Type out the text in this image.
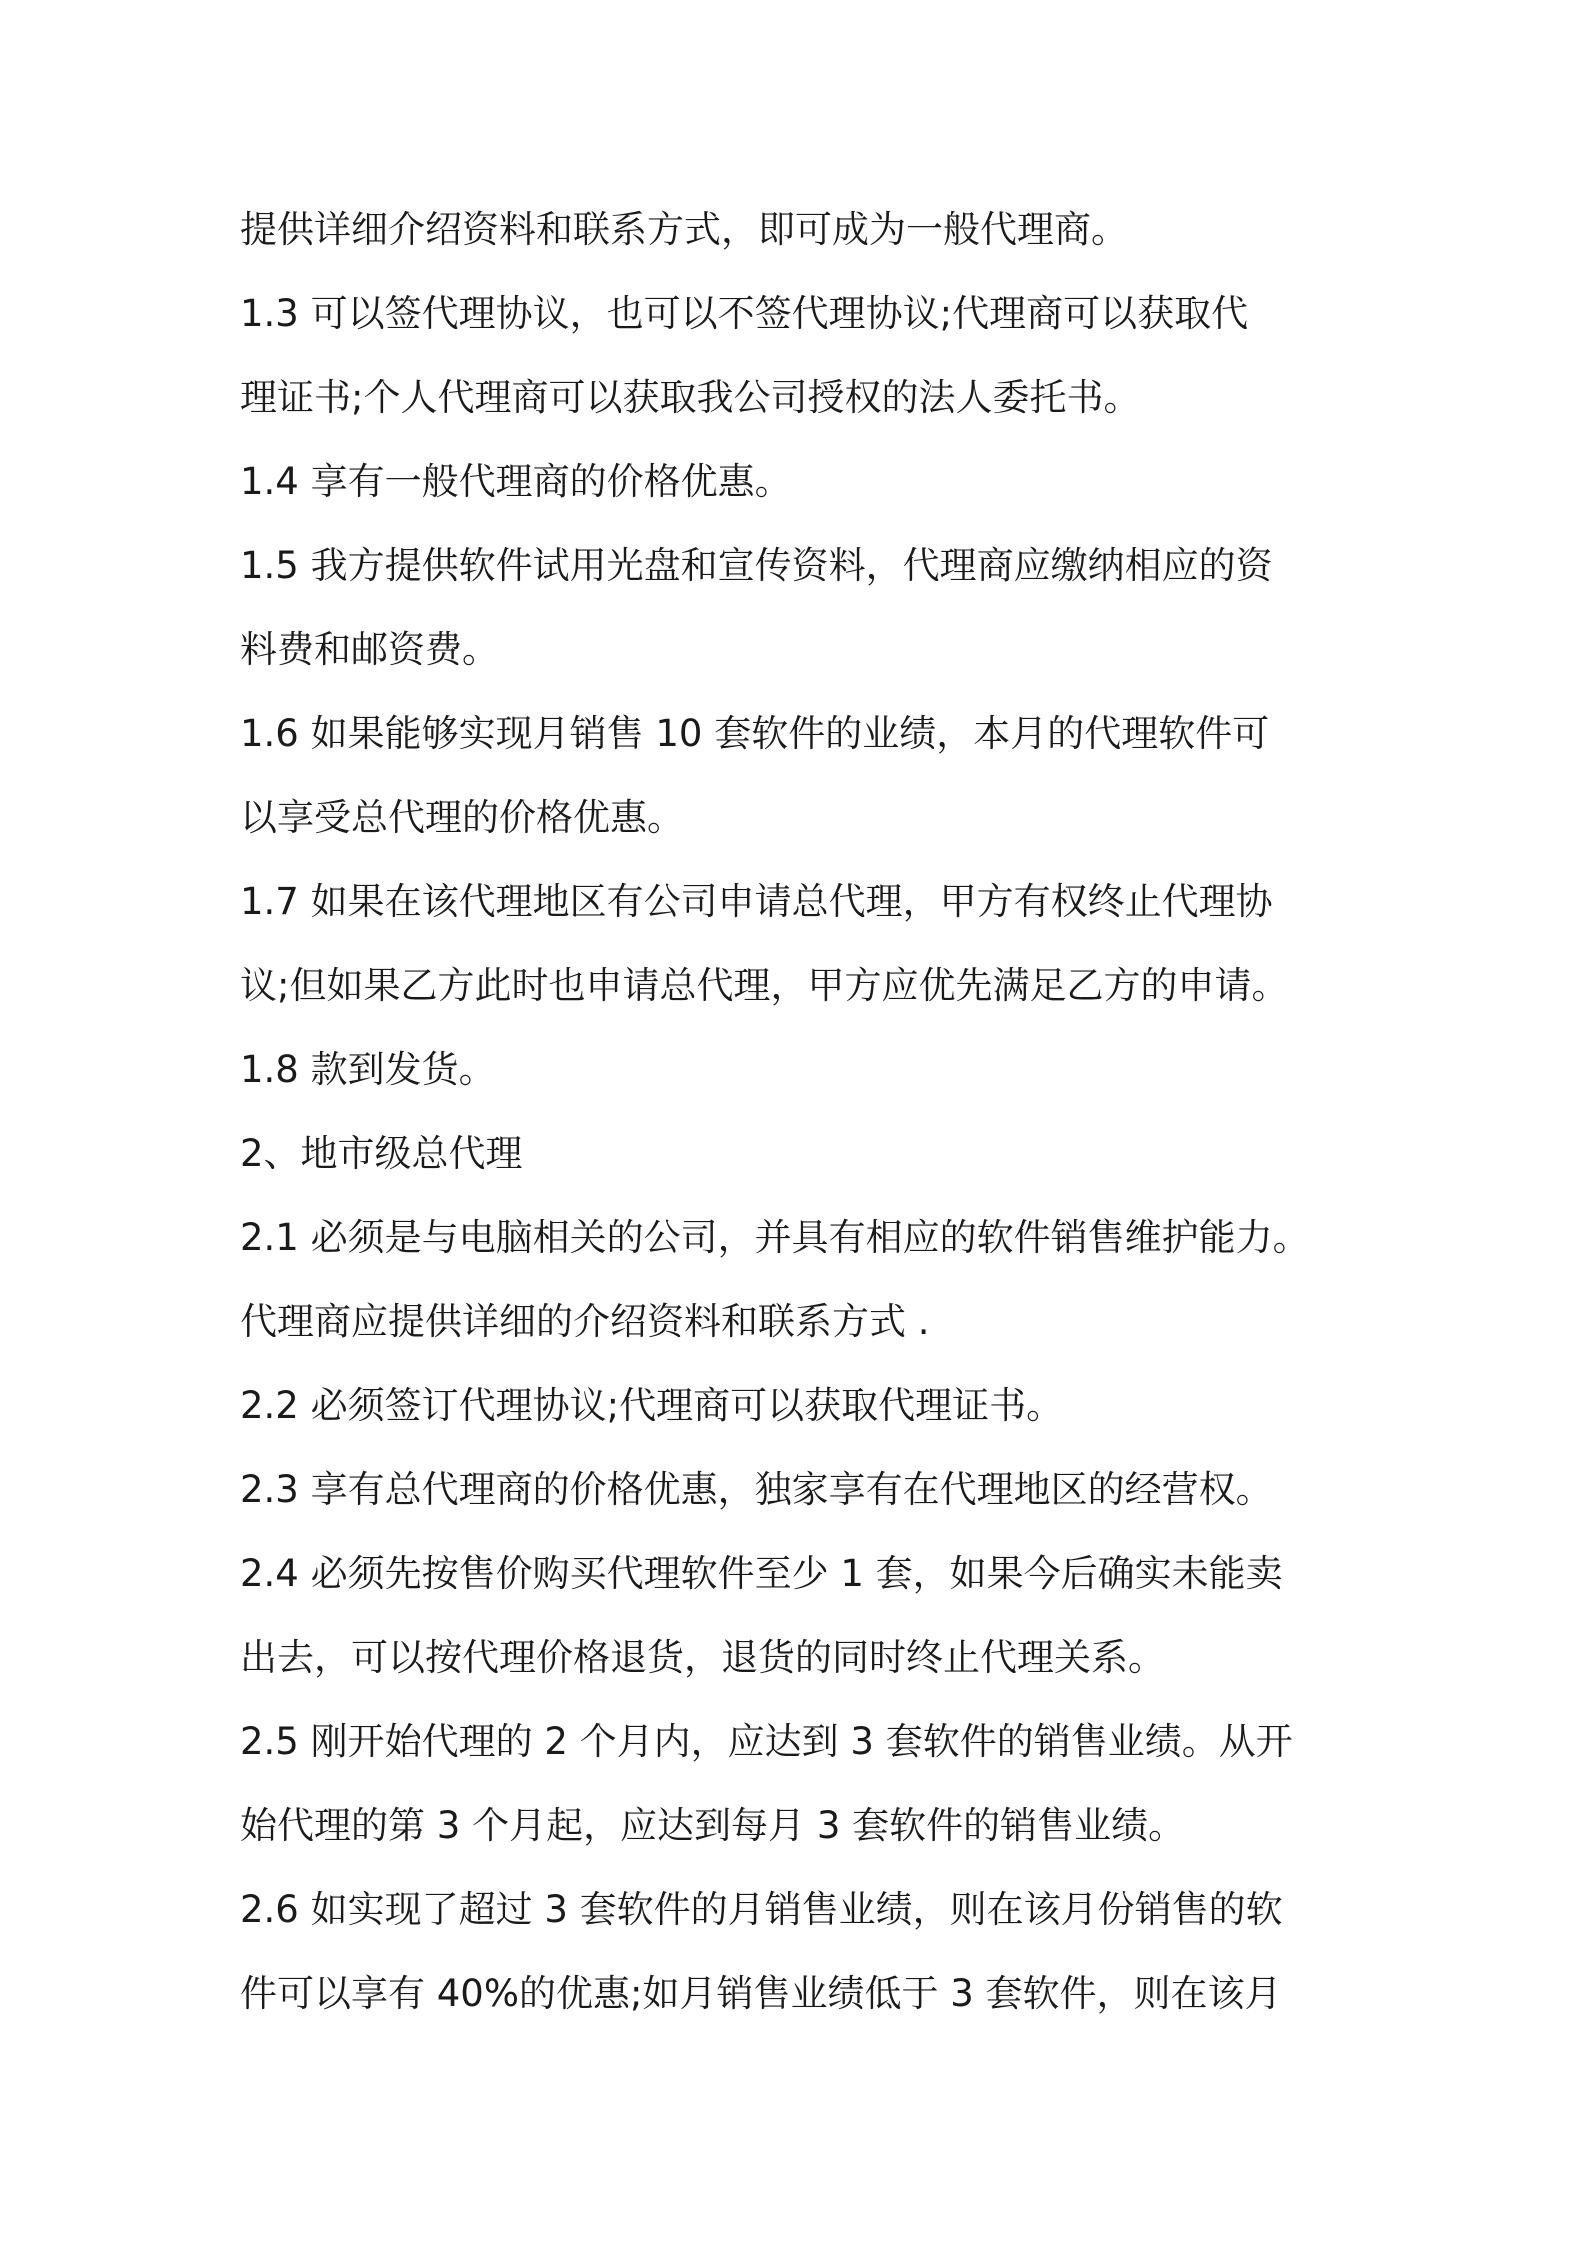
提供详细介绍资料和联系方式，即可成为一般代理商。
1.3 可以签代理协议，也可以不签代理协议;代理商可以获取代
理证书;个人代理商可以获取我公司授权的法人委托书。
1.4 享有一般代理商的价格优惠。
1.5 我方提供软件试用光盘和宣传资料，代理商应缴纳相应的资
料费和邮资费。
1.6 如果能够实现月销售 10 套软件的业绩，本月的代理软件可
以享受总代理的价格优惠。
1.7 如果在该代理地区有公司申请总代理，甲方有权终止代理协
议;但如果乙方此时也申请总代理，甲方应优先满足乙方的申请。
1.8 款到发货。
2、地市级总代理
2.1 必须是与电脑相关的公司，并具有相应的软件销售维护能力。
代理商应提供详细的介绍资料和联系方式 .
2.2 必须签订代理协议;代理商可以获取代理证书。
2.3 享有总代理商的价格优惠，独家享有在代理地区的经营权。
2.4 必须先按售价购买代理软件至少 1 套，如果今后确实未能卖
出去，可以按代理价格退货，退货的同时终止代理关系。
2.5 刚开始代理的 2 个月内，应达到 3 套软件的销售业绩。从开
始代理的第 3 个月起，应达到每月 3 套软件的销售业绩。
2.6 如实现了超过 3 套软件的月销售业绩，则在该月份销售的软
件可以享有 40%的优惠;如月销售业绩低于 3 套软件，则在该月
